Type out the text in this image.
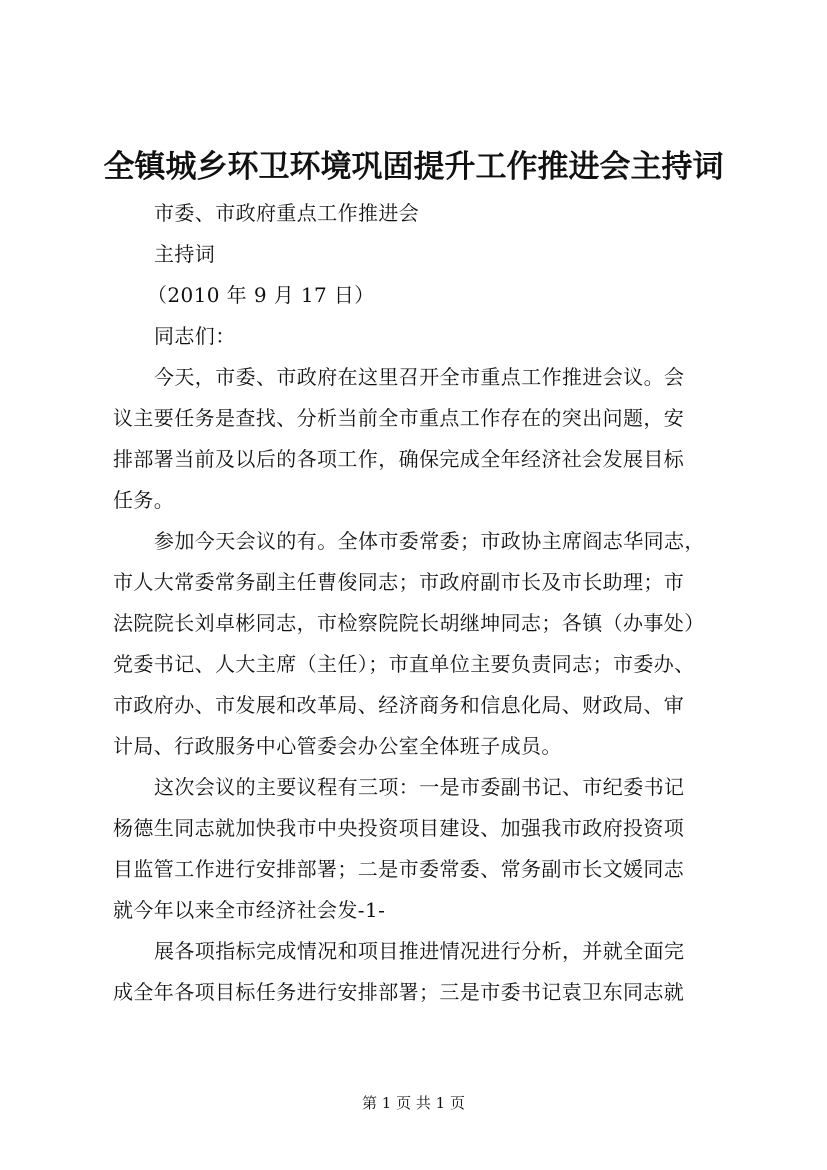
全镇城乡环卫环境巩固提升工作推进会主持词

市委、市政府重点工作推进会

主持词

（2010 年 9 月 17 日）

同志们：

今天，市委、市政府在这里召开全市重点工作推进会议。会

议主要任务是查找、分析当前全市重点工作存在的突出问题，安

排部署当前及以后的各项工作，确保完成全年经济社会发展目标

任务。

参加今天会议的有。全体市委常委；市政协主席阎志华同志，

市人大常委常务副主任曹俊同志；市政府副市长及市长助理；市

法院院长刘卓彬同志，市检察院院长胡继坤同志；各镇（办事处）

党委书记、人大主席（主任）；市直单位主要负责同志；市委办、

市政府办、市发展和改革局、经济商务和信息化局、财政局、审

计局、行政服务中心管委会办公室全体班子成员。

这次会议的主要议程有三项：一是市委副书记、市纪委书记

杨德生同志就加快我市中央投资项目建设、加强我市政府投资项

目监管工作进行安排部署；二是市委常委、常务副市长文媛同志

就今年以来全市经济社会发-1-

展各项指标完成情况和项目推进情况进行分析，并就全面完

成全年各项目标任务进行安排部署；三是市委书记袁卫东同志就

第 1 页 共 1 页
